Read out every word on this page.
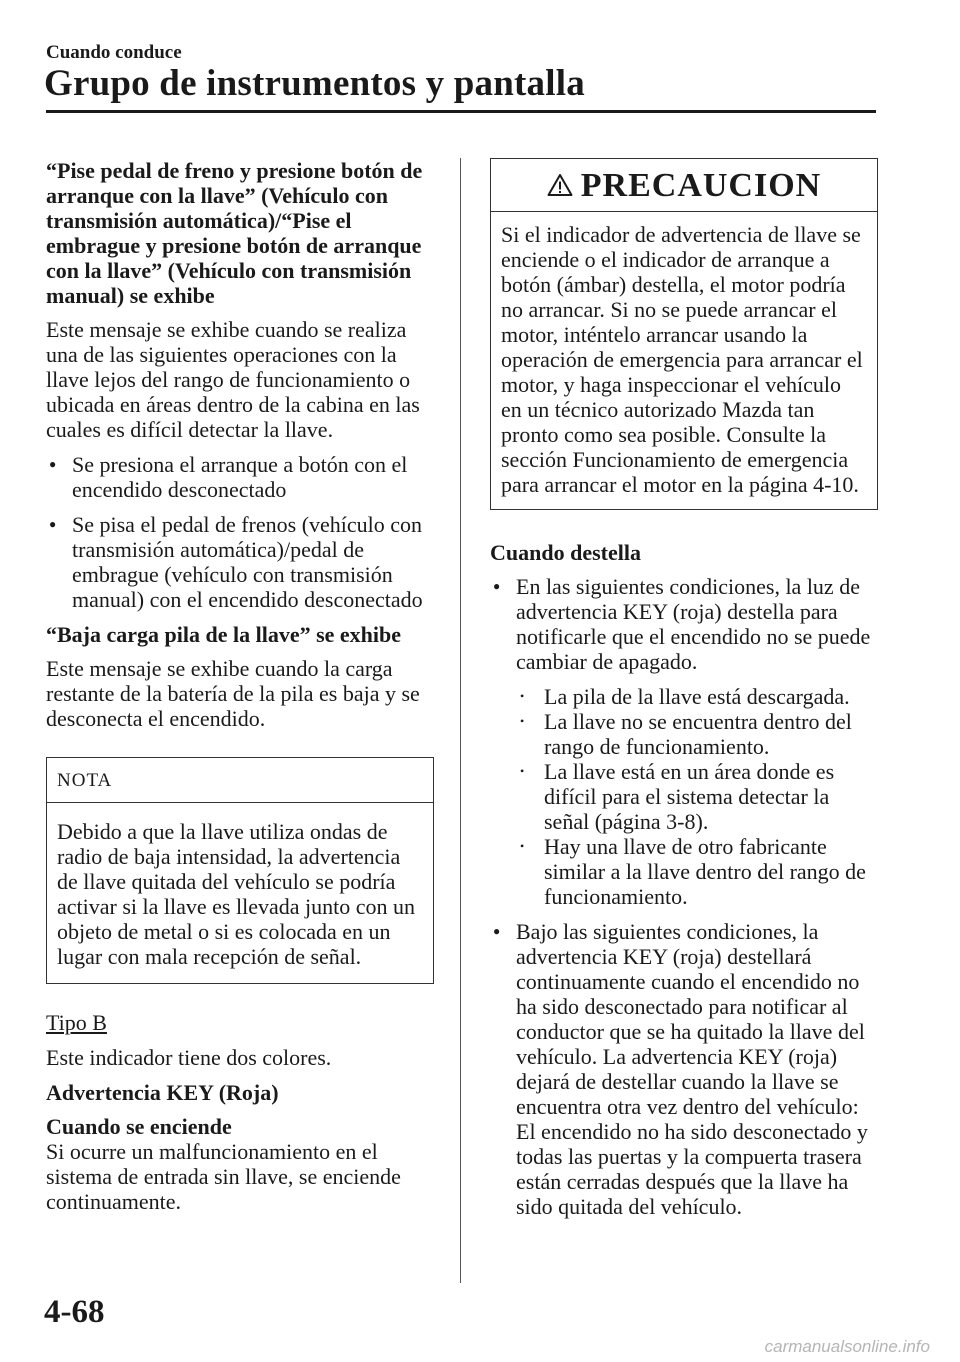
Cuando conduce
Grupo de instrumentos y pantalla
“Pise pedal de freno y presione botón de arranque con la llave” (Vehículo con transmisión automática)/“Pise el embrague y presione botón de arranque con la llave” (Vehículo con transmisión manual) se exhibe
Este mensaje se exhibe cuando se realiza una de las siguientes operaciones con la llave lejos del rango de funcionamiento o ubicada en áreas dentro de la cabina en las cuales es difícil detectar la llave.
● Se presiona el arranque a botón con el encendido desconectado
● Se pisa el pedal de frenos (vehículo con transmisión automática)/pedal de embrague (vehículo con transmisión manual) con el encendido desconectado
“Baja carga pila de la llave” se exhibe
Este mensaje se exhibe cuando la carga restante de la batería de la pila es baja y se desconecta el encendido.
NOTA
Debido a que la llave utiliza ondas de radio de baja intensidad, la advertencia de llave quitada del vehículo se podría activar si la llave es llevada junto con un objeto de metal o si es colocada en un lugar con mala recepción de señal.
Tipo B
Este indicador tiene dos colores.
Advertencia KEY (Roja)
Cuando se enciende
Si ocurre un malfuncionamiento en el sistema de entrada sin llave, se enciende continuamente.
PRECAUCION
Si el indicador de advertencia de llave se enciende o el indicador de arranque a botón (ámbar) destella, el motor podría no arrancar. Si no se puede arrancar el motor, inténtelo arrancar usando la operación de emergencia para arrancar el motor, y haga inspeccionar el vehículo en un técnico autorizado Mazda tan pronto como sea posible. Consulte la sección Funcionamiento de emergencia para arrancar el motor en la página 4-10.
Cuando destella
● En las siguientes condiciones, la luz de advertencia KEY (roja) destella para notificarle que el encendido no se puede cambiar de apagado.
• La pila de la llave está descargada.
• La llave no se encuentra dentro del rango de funcionamiento.
• La llave está en un área donde es difícil para el sistema detectar la señal (página 3-8).
• Hay una llave de otro fabricante similar a la llave dentro del rango de funcionamiento.
● Bajo las siguientes condiciones, la advertencia KEY (roja) destellará continuamente cuando el encendido no ha sido desconectado para notificar al conductor que se ha quitado la llave del vehículo. La advertencia KEY (roja) dejará de destellar cuando la llave se encuentra otra vez dentro del vehículo: El encendido no ha sido desconectado y todas las puertas y la compuerta trasera están cerradas después que la llave ha sido quitada del vehículo.
4-68
carmanualsonline.info
